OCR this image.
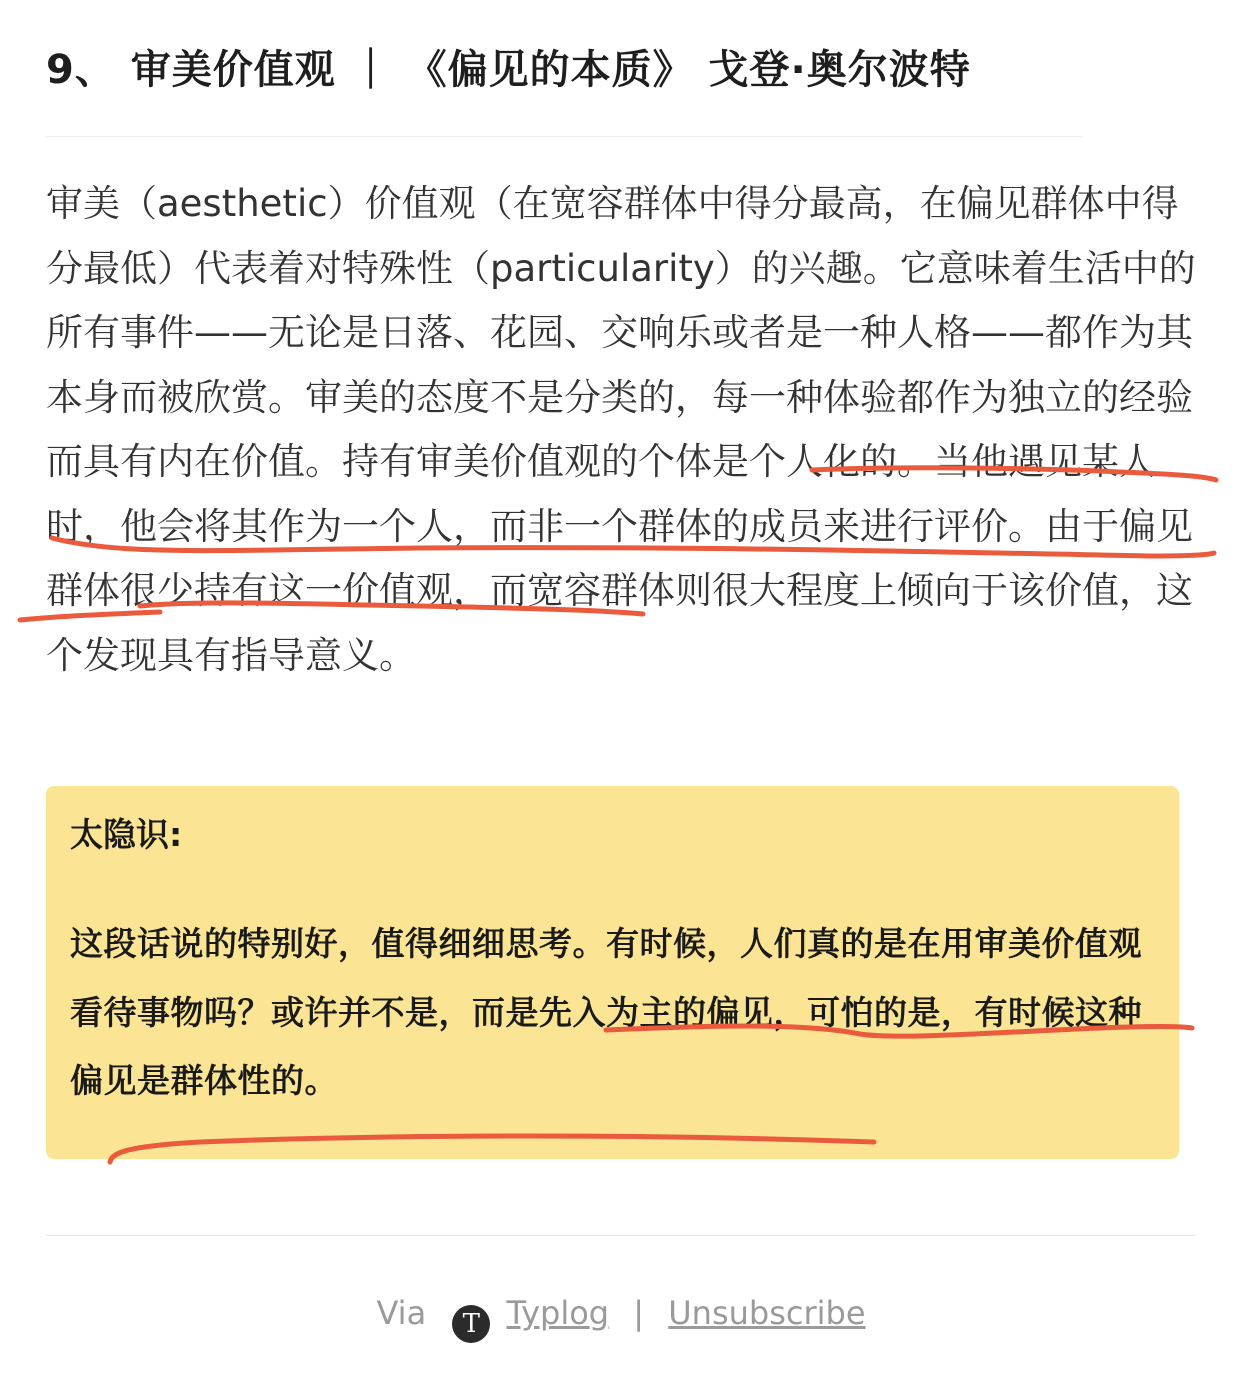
9、 审美价值观 ｜ 《偏见的本质》 戈登·奥尔波特

审美（aesthetic）价值观（在宽容群体中得分最高，在偏见群体中得分最低）代表着对特殊性（particularity）的兴趣。它意味着生活中的所有事件——无论是日落、花园、交响乐或者是一种人格——都作为其本身而被欣赏。审美的态度不是分类的，每一种体验都作为独立的经验而具有内在价值。持有审美价值观的个体是个人化的。当他遇见某人时，他会将其作为一个人，而非一个群体的成员来进行评价。由于偏见群体很少持有这一价值观，而宽容群体则很大程度上倾向于该价值，这个发现具有指导意义。

太隐识:

这段话说的特别好，值得细细思考。有时候，人们真的是在用审美价值观看待事物吗？或许并不是，而是先入为主的偏见，可怕的是，有时候这种偏见是群体性的。

Via T Typlog | Unsubscribe
